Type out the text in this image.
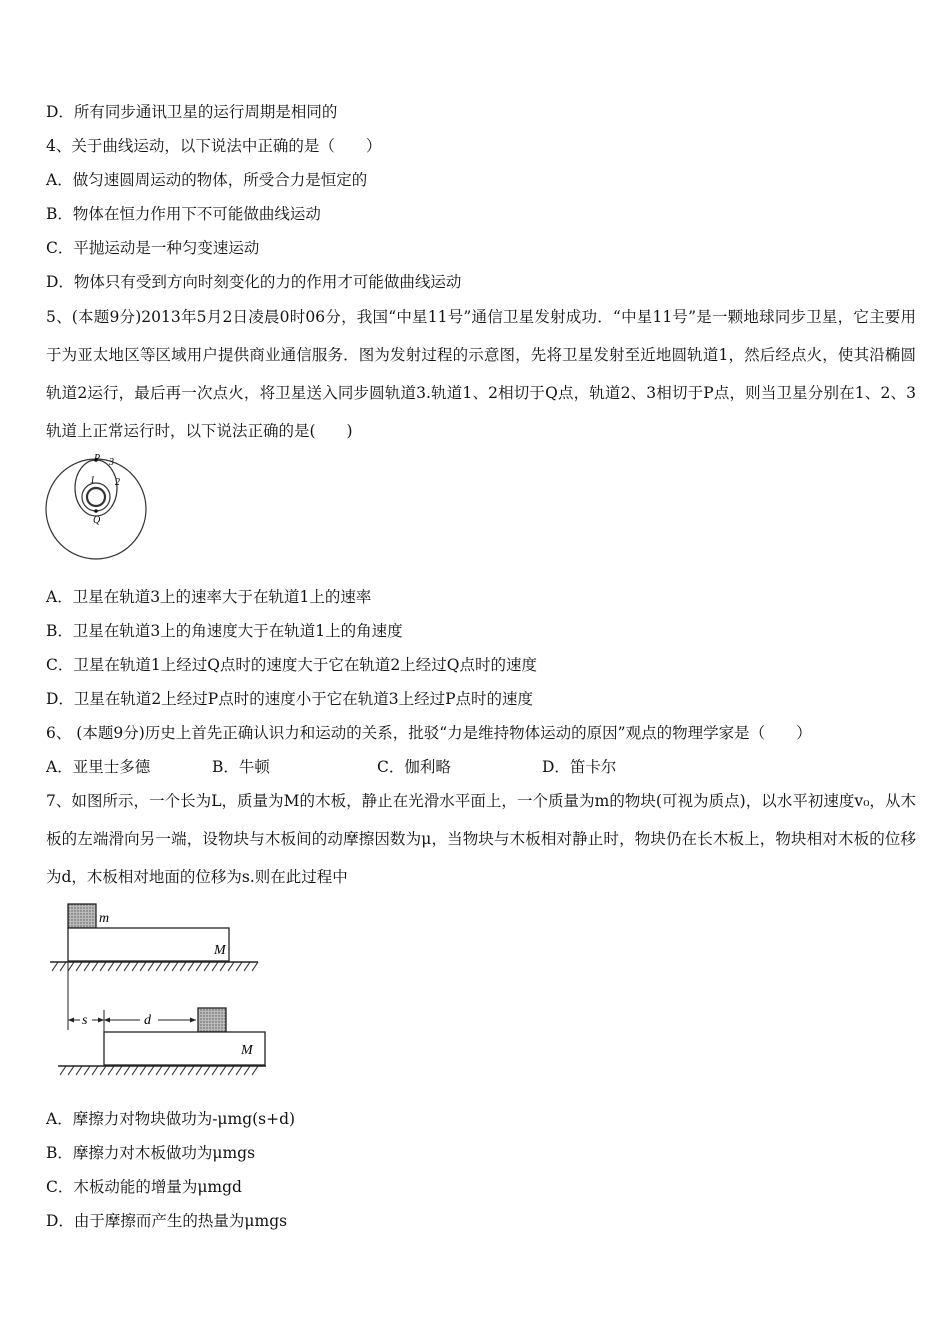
D．所有同步通讯卫星的运行周期是相同的
4、关于曲线运动，以下说法中正确的是（　　）
A．做匀速圆周运动的物体，所受合力是恒定的
B．物体在恒力作用下不可能做曲线运动
C．平抛运动是一种匀变速运动
D．物体只有受到方向时刻变化的力的作用才可能做曲线运动
5、(本题9分)2013年5月2日凌晨0时06分，我国“中星11号”通信卫星发射成功．“中星11号”是一颗地球同步卫星，它主要用于为亚太地区等区域用户提供商业通信服务．图为发射过程的示意图，先将卫星发射至近地圆轨道1，然后经点火，使其沿椭圆轨道2运行，最后再一次点火，将卫星送入同步圆轨道3.轨道1、2相切于Q点，轨道2、3相切于P点，则当卫星分别在1、2、3轨道上正常运行时，以下说法正确的是(　　)
P
Q
1 2
3
A．卫星在轨道3上的速率大于在轨道1上的速率
B．卫星在轨道3上的角速度大于在轨道1上的角速度
C．卫星在轨道1上经过Q点时的速度大于它在轨道2上经过Q点时的速度
D．卫星在轨道2上经过P点时的速度小于它在轨道3上经过P点时的速度
6、 (本题9分)历史上首先正确认识力和运动的关系，批驳“力是维持物体运动的原因”观点的物理学家是（　　）
A．亚里士多德	B．牛顿	C．伽利略	D．笛卡尔
7、如图所示，一个长为L，质量为M的木板，静止在光滑水平面上，一个质量为m的物块(可视为质点)，以水平初速度v₀，从木板的左端滑向另一端，设物块与木板间的动摩擦因数为μ，当物块与木板相对静止时，物块仍在长木板上，物块相对木板的位移为d，木板相对地面的位移为s.则在此过程中
m
M
s	d
M
A．摩擦力对物块做功为-μmg(s+d)
B．摩擦力对木板做功为μmgs
C．木板动能的增量为μmgd
D．由于摩擦而产生的热量为μmgs
